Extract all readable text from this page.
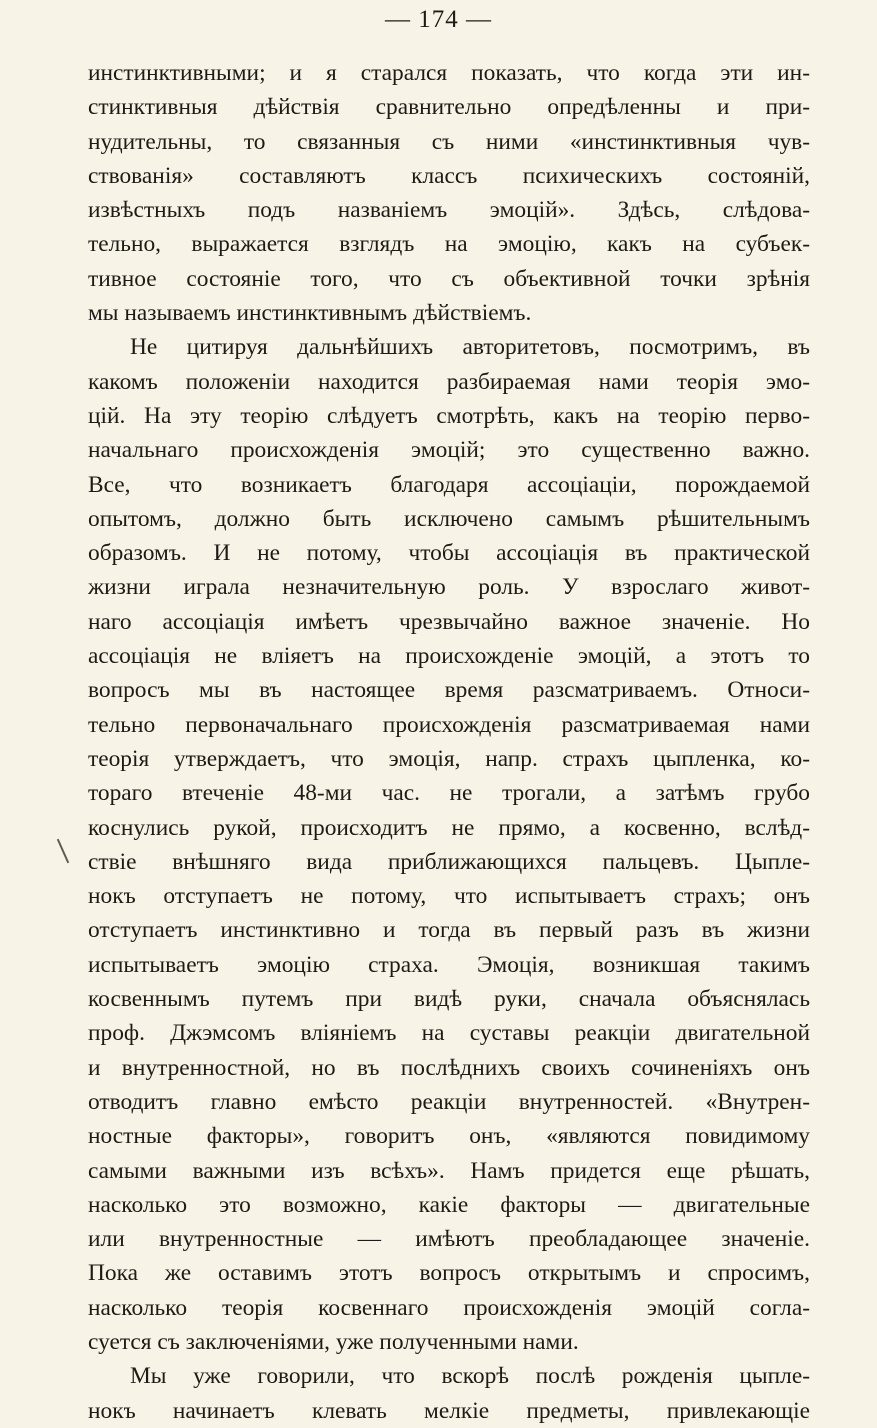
— 174 —
инстинктивными; и я старался показать, что когда эти ин-
стинктивныя дѣйствія сравнительно опредѣленны и при-
нудительны, то связанныя съ ними «инстинктивныя чув-
ствованія» составляютъ классъ психическихъ состояній,
извѣстныхъ подъ названіемъ эмоцій». Здѣсь, слѣдова-
тельно, выражается взглядъ на эмоцію, какъ на субъек-
тивное состояніе того, что съ объективной точки зрѣнія
мы называемъ инстинктивнымъ дѣйствіемъ.
Не цитируя дальнѣйшихъ авторитетовъ, посмотримъ, въ
какомъ положеніи находится разбираемая нами теорія эмо-
цій. На эту теорію слѣдуетъ смотрѣть, какъ на теорію перво-
начальнаго происхожденія эмоцій; это существенно важно.
Все, что возникаетъ благодаря ассоціаціи, порождаемой
опытомъ, должно быть исключено самымъ рѣшительнымъ
образомъ. И не потому, чтобы ассоціація въ практической
жизни играла незначительную роль. У взрослаго живот-
наго ассоціація имѣетъ чрезвычайно важное значеніе. Но
ассоціація не вліяетъ на происхожденіе эмоцій, а этотъ то
вопросъ мы въ настоящее время разсматриваемъ. Относи-
тельно первоначальнаго происхожденія разсматриваемая нами
теорія утверждаетъ, что эмоція, напр. страхъ цыпленка, ко-
тораго втеченіе 48-ми час. не трогали, а затѣмъ грубо
коснулись рукой, происходитъ не прямо, а косвенно, вслѣд-
ствіе внѣшняго вида приближающихся пальцевъ. Цыпле-
нокъ отступаетъ не потому, что испытываетъ страхъ; онъ
отступаетъ инстинктивно и тогда въ первый разъ въ жизни
испытываетъ эмоцію страха. Эмоція, возникшая такимъ
косвеннымъ путемъ при видѣ руки, сначала объяснялась
проф. Джэмсомъ вліяніемъ на суставы реакціи двигательной
и внутренностной, но въ послѣднихъ своихъ сочиненіяхъ онъ
отводитъ главно емѣсто реакціи внутренностей. «Внутрен-
ностные факторы», говоритъ онъ, «являются повидимому
самыми важными изъ всѣхъ». Намъ придется еще рѣшать,
насколько это возможно, какіе факторы — двигательные
или внутренностные — имѣютъ преобладающее значеніе.
Пока же оставимъ этотъ вопросъ открытымъ и спросимъ,
насколько теорія косвеннаго происхожденія эмоцій согла-
суется съ заключеніями, уже полученными нами.
Мы уже говорили, что вскорѣ послѣ рожденія цыпле-
нокъ начинаетъ клевать мелкіе предметы, привлекающіе
